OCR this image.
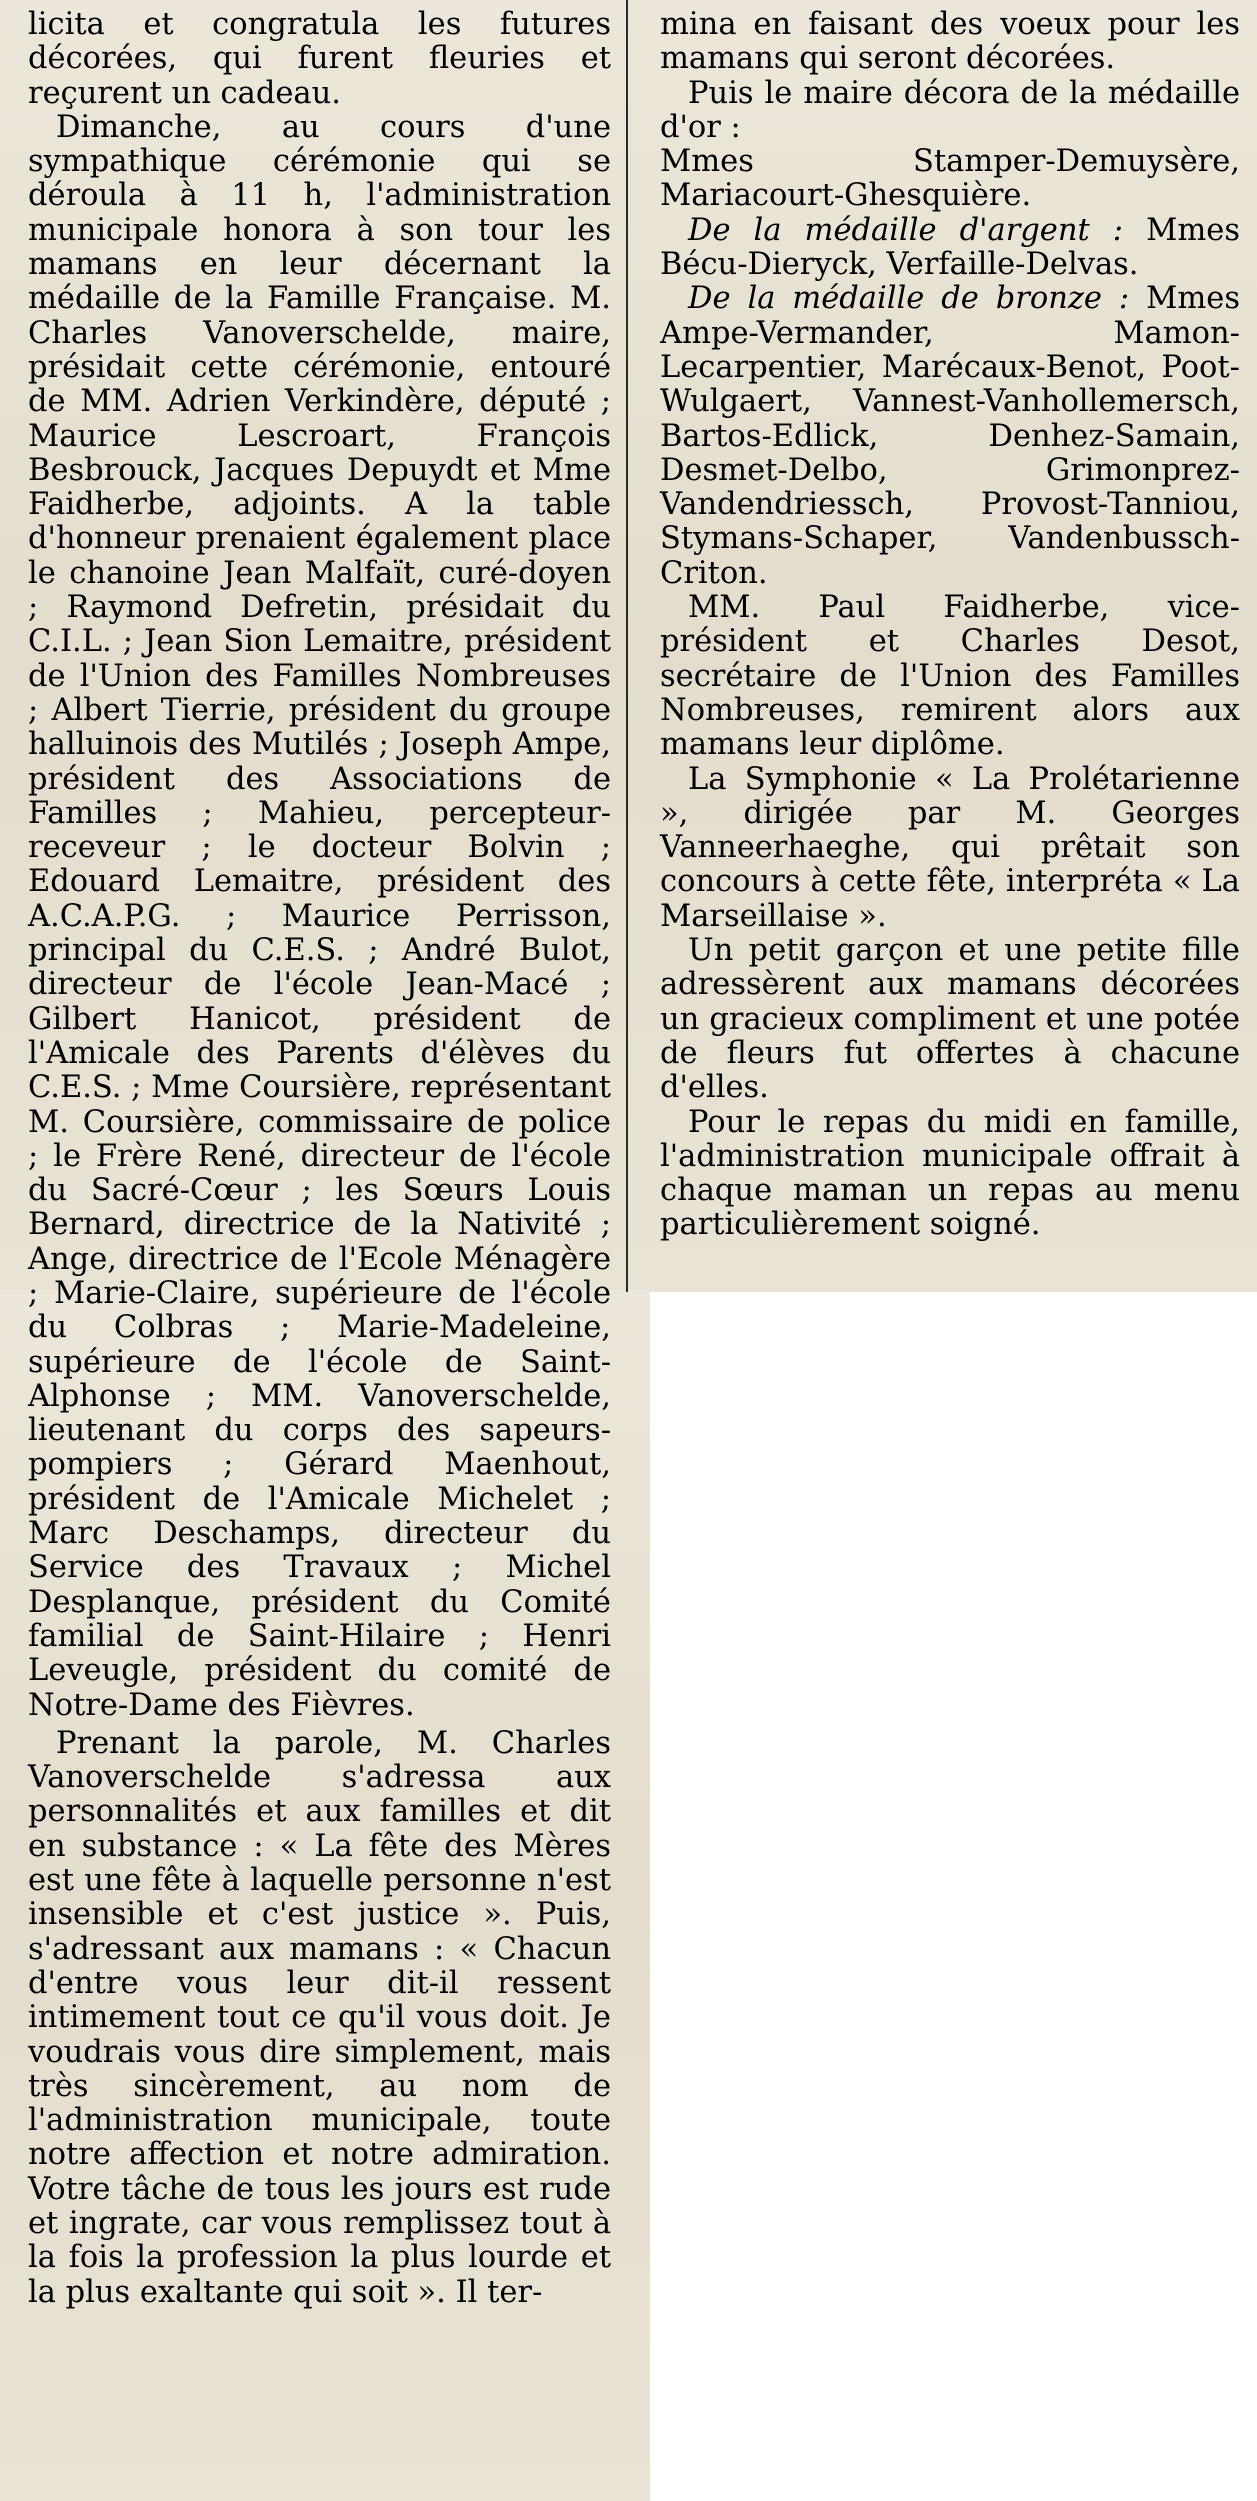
licita et congratula les futures décorées, qui furent fleuries et reçurent un cadeau.

Dimanche, au cours d'une sympathique cérémonie qui se déroula à 11 h, l'administration municipale honora à son tour les mamans en leur décernant la médaille de la Famille Française. M. Charles Vanoverschelde, maire, présidait cette cérémonie, entouré de MM. Adrien Verkindère, député ; Maurice Lescroart, François Besbrouck, Jacques Depuydt et Mme Faidherbe, adjoints. A la table d'honneur prenaient également place le chanoine Jean Malfaït, curé-doyen ; Raymond Defretin, présidait du C.I.L. ; Jean Sion Lemaitre, président de l'Union des Familles Nombreuses ; Albert Tierrie, président du groupe halluinois des Mutilés ; Joseph Ampe, président des Associations de Familles ; Mahieu, percepteur-receveur ; le docteur Bolvin ; Edouard Lemaitre, président des A.C.A.P.G. ; Maurice Perrisson, principal du C.E.S. ; André Bulot, directeur de l'école Jean-Macé ; Gilbert Hanicot, président de l'Amicale des Parents d'élèves du C.E.S. ; Mme Coursière, représentant M. Coursière, commissaire de police ; le Frère René, directeur de l'école du Sacré-Cœur ; les Sœurs Louis Bernard, directrice de la Nativité ; Ange, directrice de l'Ecole Ménagère ; Marie-Claire, supérieure de l'école du Colbras ; Marie-Madeleine, supérieure de l'école de Saint-Alphonse ; MM. Vanoverschelde, lieutenant du corps des sapeurs-pompiers ; Gérard Maenhout, président de l'Amicale Michelet ; Marc Deschamps, directeur du Service des Travaux ; Michel Desplanque, président du Comité familial de Saint-Hilaire ; Henri Leveugle, président du comité de Notre-Dame des Fièvres.

Prenant la parole, M. Charles Vanoverschelde s'adressa aux personnalités et aux familles et dit en substance : « La fête des Mères est une fête à laquelle personne n'est insensible et c'est justice ». Puis, s'adressant aux mamans : « Chacun d'entre vous leur dit-il ressent intimement tout ce qu'il vous doit. Je voudrais vous dire simplement, mais très sincèrement, au nom de l'administration municipale, toute notre affection et notre admiration. Votre tâche de tous les jours est rude et ingrate, car vous remplissez tout à la fois la profession la plus lourde et la plus exaltante qui soit ». Il ter-

mina en faisant des voeux pour les mamans qui seront décorées.

Puis le maire décora de la médaille d'or :

Mmes Stamper-Demuysère, Mariacourt-Ghesquière.

De la médaille d'argent : Mmes Bécu-Dieryck, Verfaille-Delvas.

De la médaille de bronze : Mmes Ampe-Vermander, Mamon-Lecarpentier, Marécaux-Benot, Poot-Wulgaert, Vannest-Vanhollemersch, Bartos-Edlick, Denhez-Samain, Desmet-Delbo, Grimonprez-Vandendriessch, Provost-Tanniou, Stymans-Schaper, Vandenbussch-Criton.

MM. Paul Faidherbe, vice-président et Charles Desot, secrétaire de l'Union des Familles Nombreuses, remirent alors aux mamans leur diplôme.

La Symphonie « La Prolétarienne », dirigée par M. Georges Vanneerhaeghe, qui prêtait son concours à cette fête, interpréta « La Marseillaise ».

Un petit garçon et une petite fille adressèrent aux mamans décorées un gracieux compliment et une potée de fleurs fut offertes à chacune d'elles.

Pour le repas du midi en famille, l'administration municipale offrait à chaque maman un repas au menu particulièrement soigné.
